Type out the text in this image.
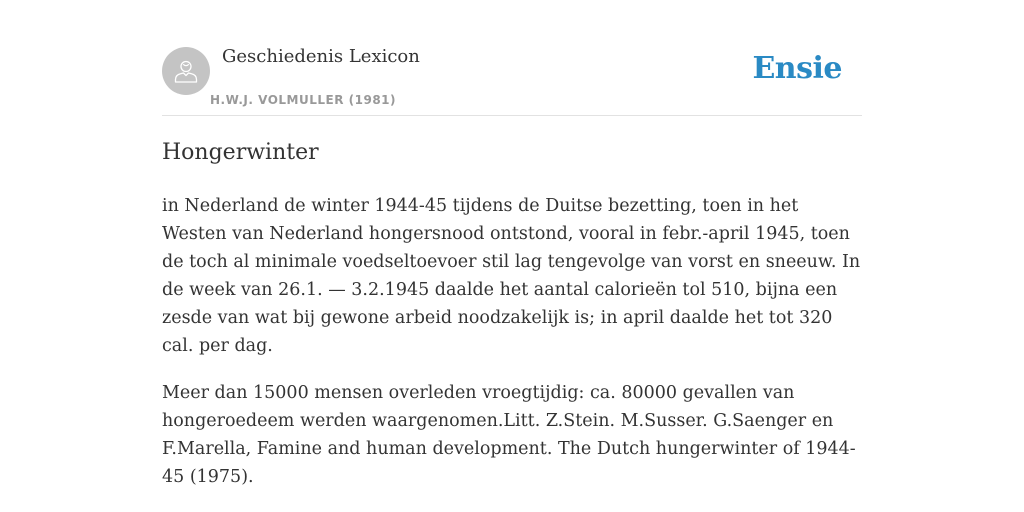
Geschiedenis Lexicon
H.W.J. VOLMULLER (1981)
Ensie
Hongerwinter

in Nederland de winter 1944-45 tijdens de Duitse bezetting, toen in het Westen van Nederland hongersnood ontstond, vooral in febr.-april 1945, toen de toch al minimale voedseltoevoer stil lag tengevolge van vorst en sneeuw. In de week van 26.1. — 3.2.1945 daalde het aantal calorieën tol 510, bijna een zesde van wat bij gewone arbeid noodzakelijk is; in april daalde het tot 320 cal. per dag.

Meer dan 15000 mensen overleden vroegtijdig: ca. 80000 gevallen van hongeroedeem werden waargenomen.Litt. Z.Stein. M.Susser. G.Saenger en F.Marella, Famine and human development. The Dutch hungerwinter of 1944-45 (1975).
